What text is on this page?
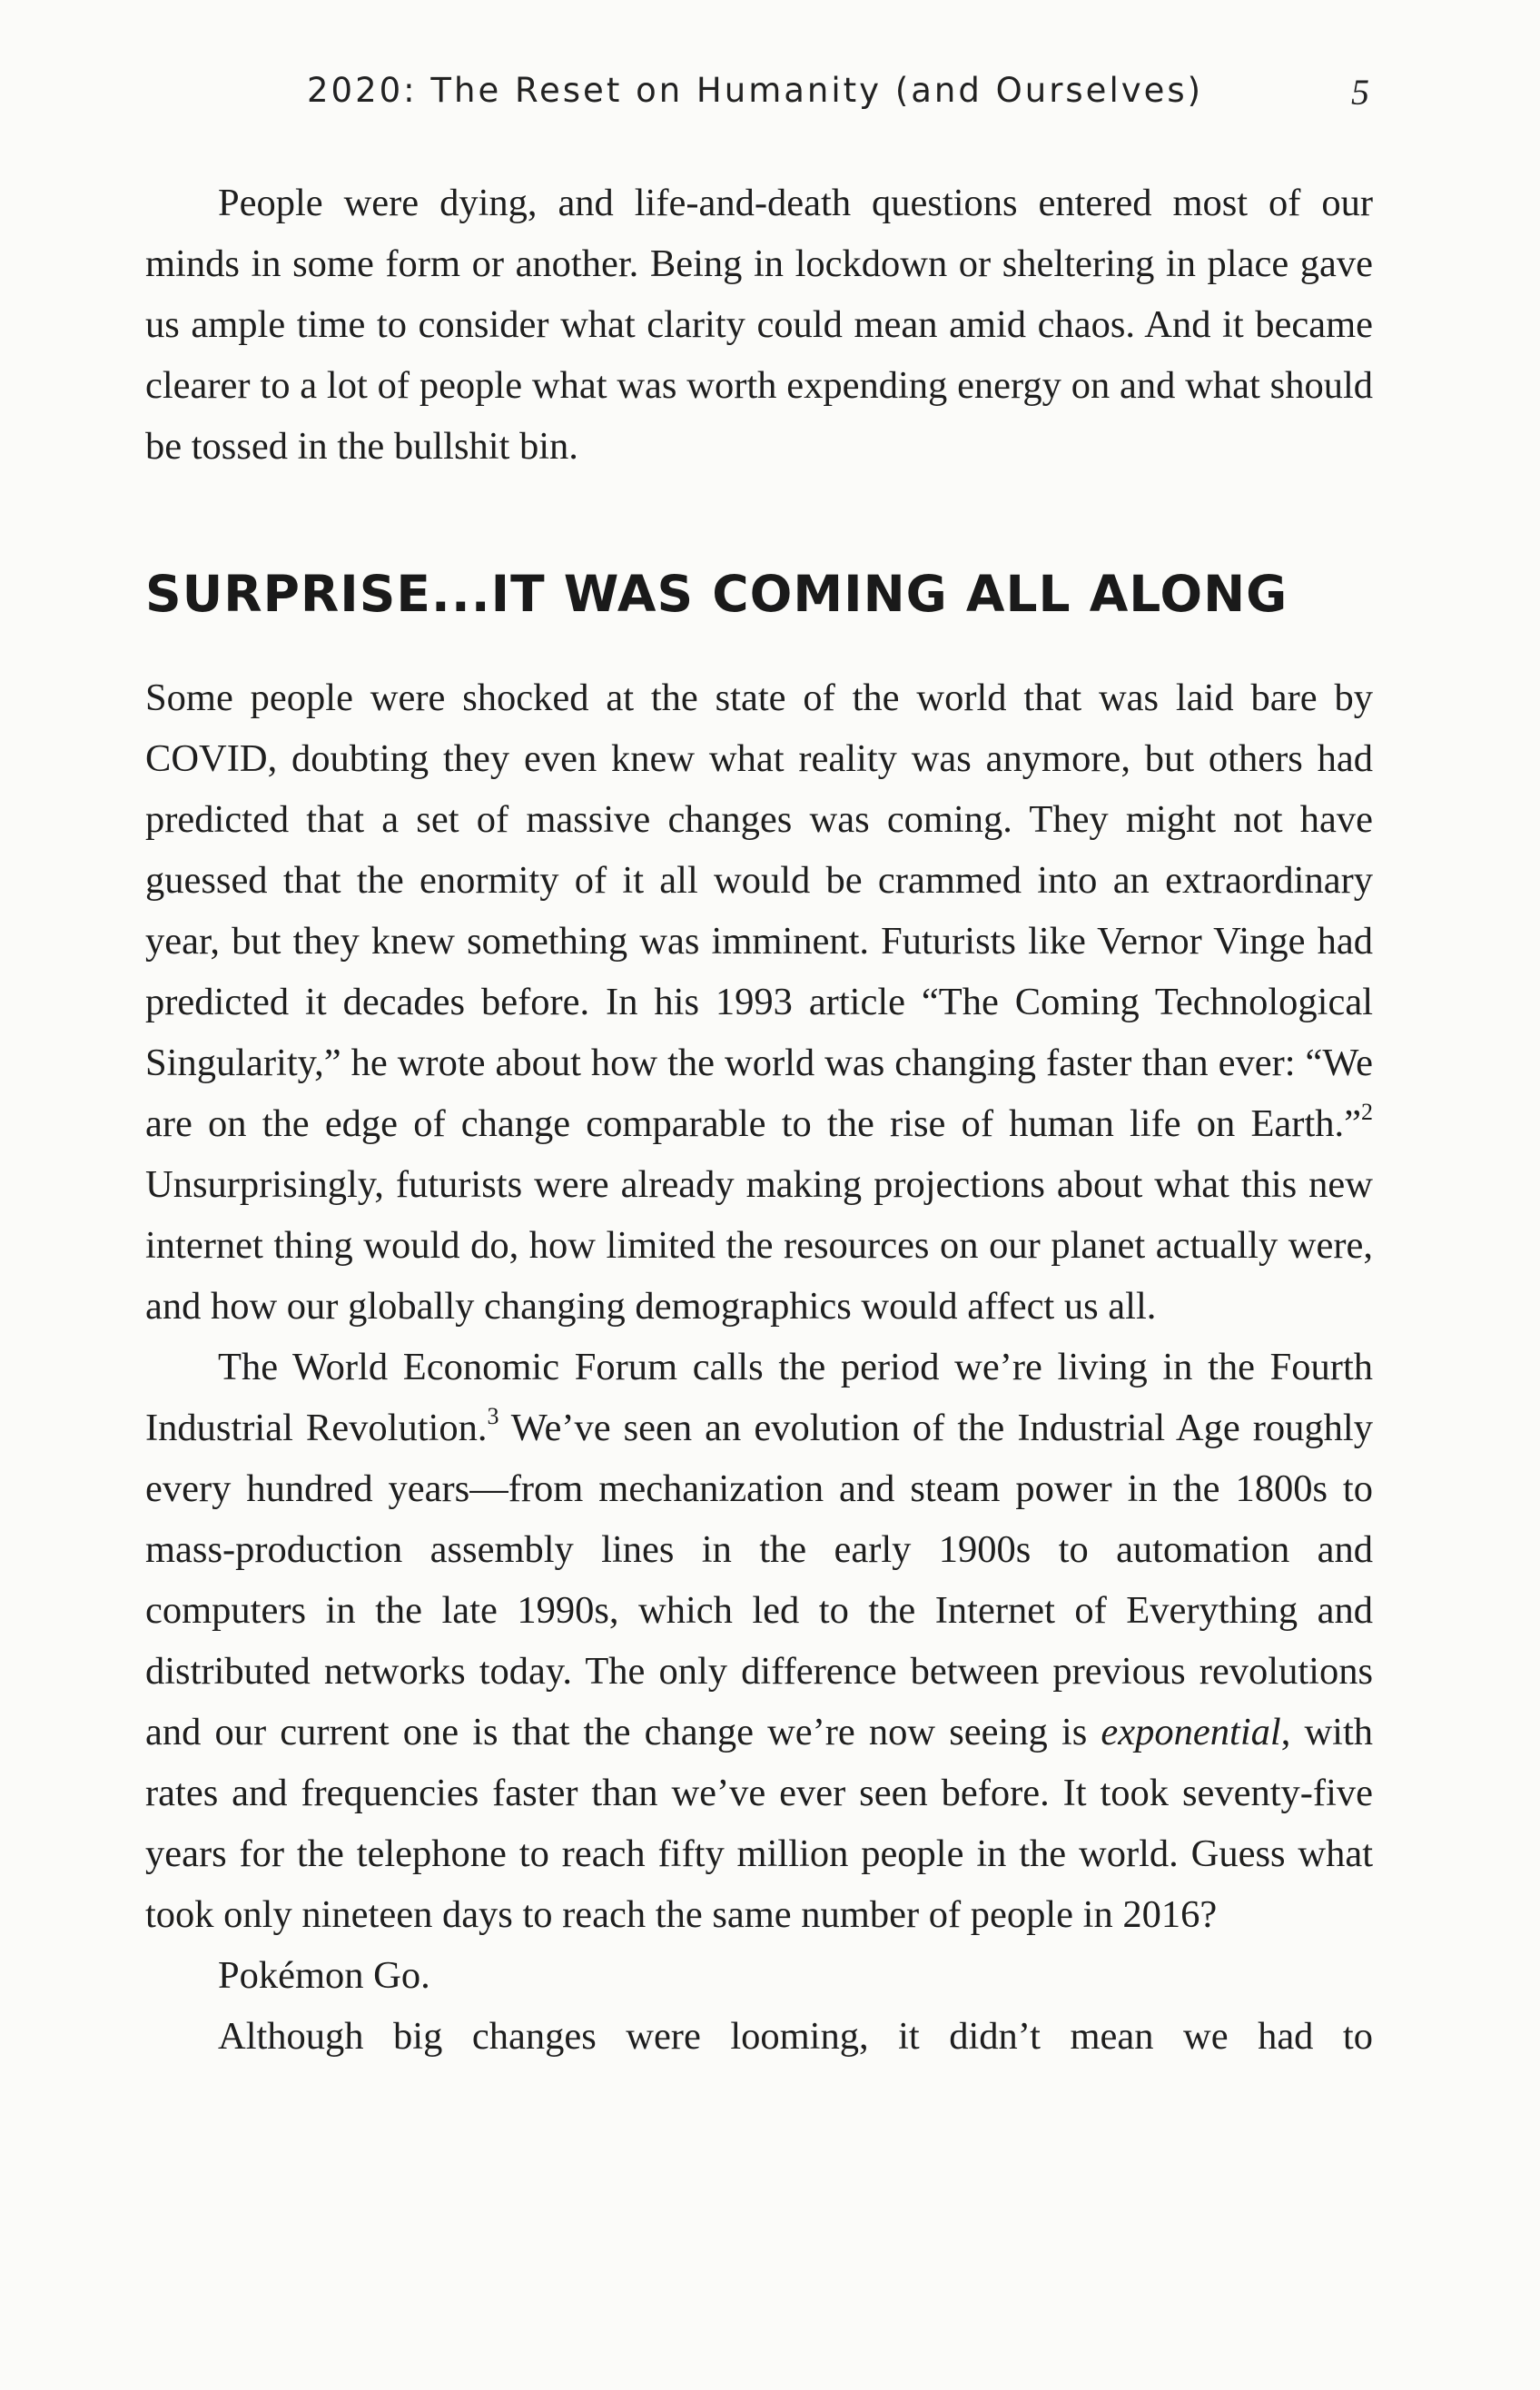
2020: The Reset on Humanity (and Ourselves)	5

People were dying, and life-and-death questions entered most of our minds in some form or another. Being in lockdown or sheltering in place gave us ample time to consider what clarity could mean amid chaos. And it became clearer to a lot of people what was worth expending energy on and what should be tossed in the bullshit bin.

SURPRISE...IT WAS COMING ALL ALONG

Some people were shocked at the state of the world that was laid bare by COVID, doubting they even knew what reality was anymore, but others had predicted that a set of massive changes was coming. They might not have guessed that the enormity of it all would be crammed into an extraordinary year, but they knew something was imminent. Futurists like Vernor Vinge had predicted it decades before. In his 1993 article “The Coming Technological Singularity,” he wrote about how the world was changing faster than ever: “We are on the edge of change comparable to the rise of human life on Earth.”$^2$ Unsurprisingly, futurists were already making projections about what this new internet thing would do, how limited the resources on our planet actually were, and how our globally changing demographics would affect us all.

The World Economic Forum calls the period we’re living in the Fourth Industrial Revolution.$^3$ We’ve seen an evolution of the Industrial Age roughly every hundred years—from mechanization and steam power in the 1800s to mass-production assembly lines in the early 1900s to automation and computers in the late 1990s, which led to the Internet of Everything and distributed networks today. The only difference between previous revolutions and our current one is that the change we’re now seeing is exponential, with rates and frequencies faster than we’ve ever seen before. It took seventy-five years for the telephone to reach fifty million people in the world. Guess what took only nineteen days to reach the same number of people in 2016?

Pokémon Go.

Although big changes were looming, it didn’t mean we had to
